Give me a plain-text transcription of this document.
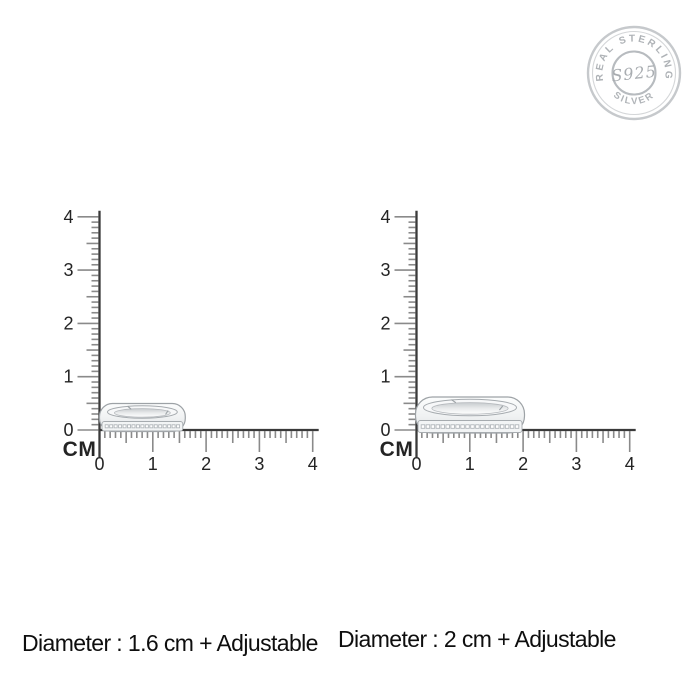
REAL STERLING
SILVER
S925
4
3
2
1
0
0 1 2 3 4
CM
4
3
2
1
0
0 1 2 3 4
CM
Diameter : 1.6 cm + Adjustable Diameter : 2 cm + Adjustable
